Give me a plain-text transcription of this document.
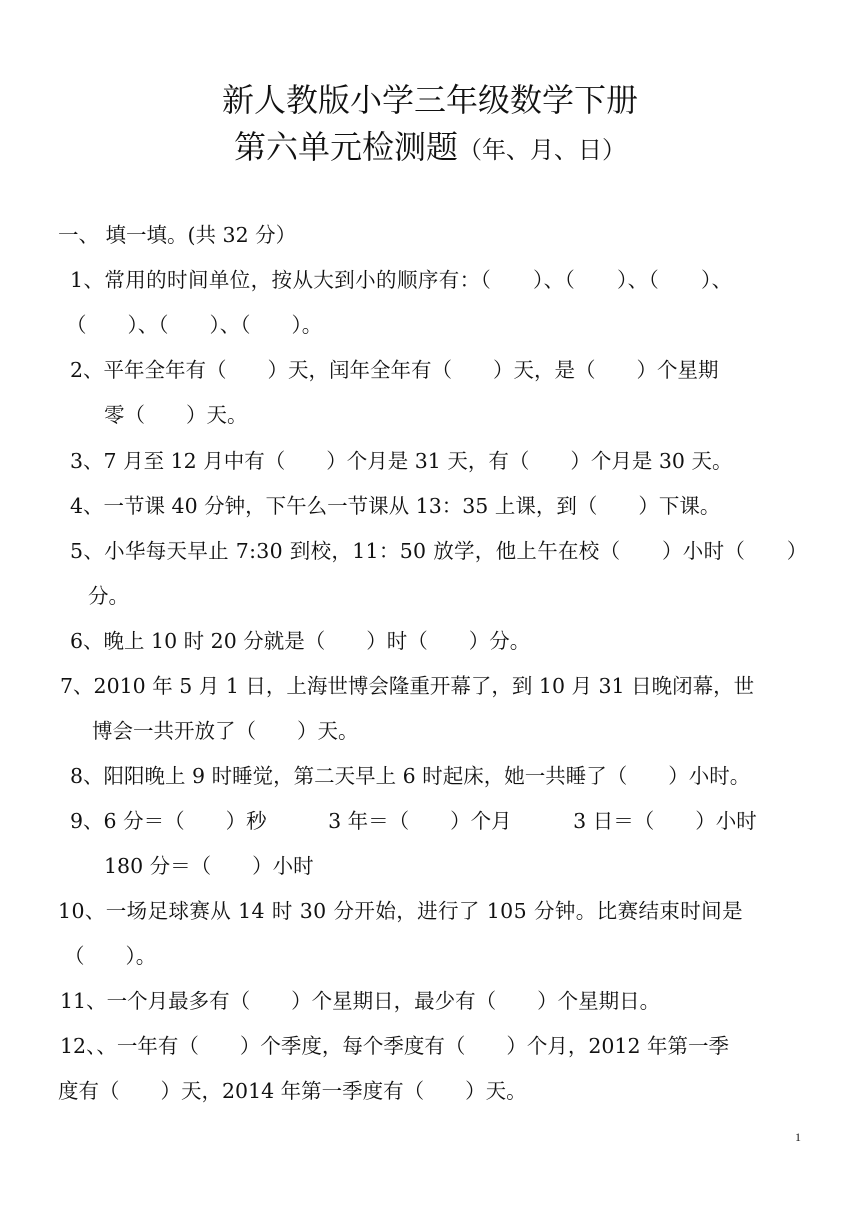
新人教版小学三年级数学下册
第六单元检测题（年、月、日）
一、 填一填。(共 32 分）
1、常用的时间单位，按从大到小的顺序有：（　　）、（　　）、（　　）、
（　　）、（　　）、（　　）。
2、平年全年有（　　）天，闰年全年有（　　）天，是（　　）个星期
零（　　）天。
3、7 月至 12 月中有（　　）个月是 31 天，有（　　）个月是 30 天。
4、一节课 40 分钟，下午么一节课从 13：35 上课，到（　　）下课。
5、小华每天早止 7:30 到校，11：50 放学，他上午在校（　　）小时（　　）
分。
6、晚上 10 时 20 分就是（　　）时（　　）分。
7、2010 年 5 月 1 日，上海世博会隆重开幕了，到 10 月 31 日晚闭幕，世
博会一共开放了（　　）天。
8、阳阳晚上 9 时睡觉，第二天早上 6 时起床，她一共睡了（　　）小时。
9、6 分＝（　　）秒　　　3 年＝（　　）个月　　　3 日＝（　　）小时
180 分＝（　　）小时
10、一场足球赛从 14 时 30 分开始，进行了 105 分钟。比赛结束时间是
（　　）。
11、一个月最多有（　　）个星期日，最少有（　　）个星期日。
12、、一年有（　　）个季度，每个季度有（　　）个月，2012 年第一季
度有（　　）天，2014 年第一季度有（　　）天。
1
